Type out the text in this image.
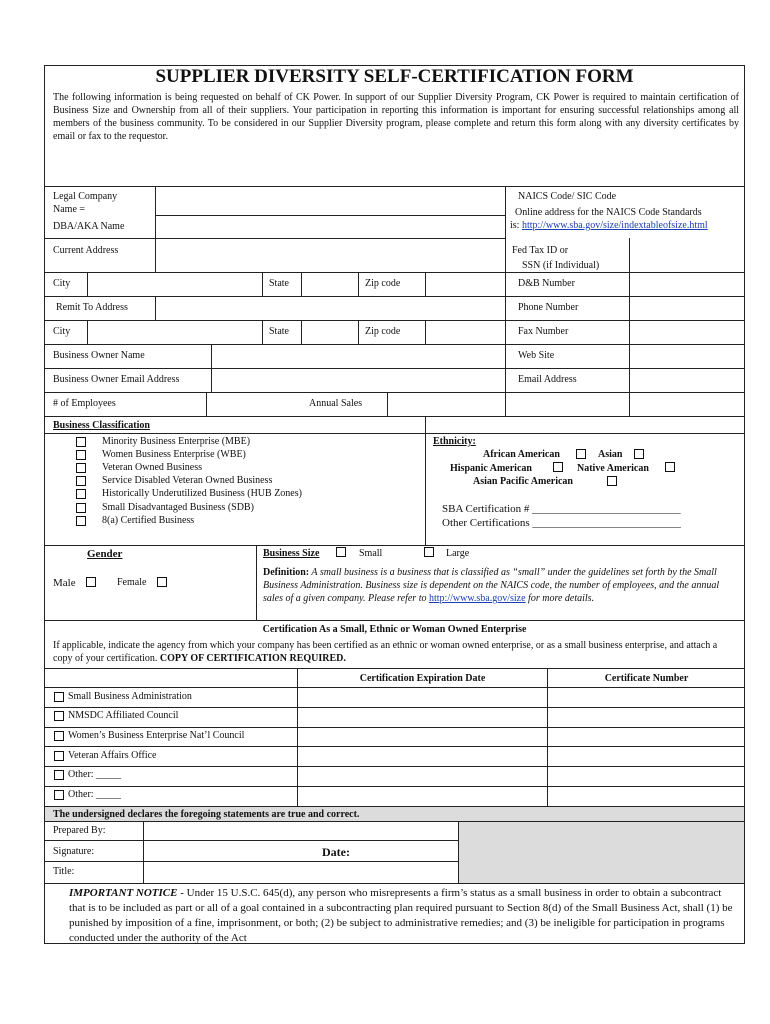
SUPPLIER DIVERSITY SELF-CERTIFICATION FORM
The following information is being requested on behalf of CK Power. In support of our Supplier Diversity Program, CK Power is required to maintain certification of Business Size and Ownership from all of their suppliers. Your participation in reporting this information is important for ensuring successful relationships among all members of the business community. To be considered in our Supplier Diversity program, please complete and return this form along with any diversity certificates by email or fax to the requestor.
Legal Company
Name =
DBA/AKA Name
Current Address
City	State	Zip code
Remit To Address
City	State	Zip code
Business Owner Name
Business Owner Email Address
# of Employees	Annual Sales
NAICS Code/ SIC Code
Online address for the NAICS Code Standards
is: http://www.sba.gov/size/indextableofsize.html
Fed Tax ID or
SSN (if Individual)
D&B Number
Phone Number
Fax Number
Web Site
Email Address
Business Classification
Minority Business Enterprise (MBE)
Women Business Enterprise (WBE)
Veteran Owned Business
Service Disabled Veteran Owned Business
Historically Underutilized Business (HUB Zones)
Small Disadvantaged Business (SDB)
8(a) Certified Business
Ethnicity:
African American	Asian
Hispanic American	Native American
Asian Pacific American
SBA Certification # ___________________________
Other Certifications ___________________________
Gender
Male	Female
Business Size	Small	Large
Definition: A small business is a business that is classified as “small” under the guidelines set forth by the Small Business Administration. Business size is dependent on the NAICS code, the number of employees, and the annual sales of a given company. Please refer to http://www.sba.gov/size for more details.
Certification As a Small, Ethnic or Woman Owned Enterprise
If applicable, indicate the agency from which your company has been certified as an ethnic or woman owned enterprise, or as a small business enterprise, and attach a copy of your certification. COPY OF CERTIFICATION REQUIRED.
Certification Expiration Date	Certificate Number
Small Business Administration
NMSDC Affiliated Council
Women’s Business Enterprise Nat’l Council
Veteran Affairs Office
Other: _____
Other: _____
The undersigned declares the foregoing statements are true and correct.
Prepared By:
Signature:	Date:
Title:
IMPORTANT NOTICE - Under 15 U.S.C. 645(d), any person who misrepresents a firm’s status as a small business in order to obtain a subcontract that is to be included as part or all of a goal contained in a subcontracting plan required pursuant to Section 8(d) of the Small Business Act, shall (1) be punished by imposition of a fine, imprisonment, or both; (2) be subject to administrative remedies; and (3) be ineligible for participation in programs conducted under the authority of the Act
